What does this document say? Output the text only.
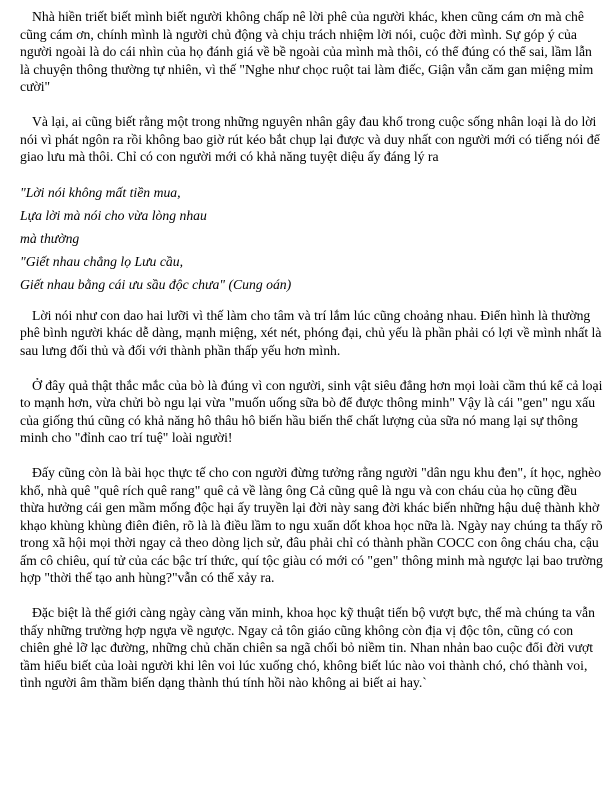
Nhà hiền triết biết mình biết người không chấp nê lời phê của người khác, khen cũng cám ơn mà chê cũng cám ơn, chính mình là người chủ động và chịu trách nhiệm lời nói, cuộc đời mình. Sự góp ý của người ngoài là do cái nhìn của họ đánh giá về bề ngoài của mình mà thôi, có thể đúng có thể sai, lầm lẫn là chuyện thông thường tự nhiên, vì thế "Nghe như chọc ruột tai làm điếc, Giận vẫn căm gan miệng mỉm cười"

Và lại, ai cũng biết rằng một trong những nguyên nhân gây đau khổ trong cuộc sống nhân loại là do lời nói vì phát ngôn ra rồi không bao giờ rút kéo bắt chụp lại được và duy nhất con người mới có tiếng nói để giao lưu mà thôi. Chỉ có con người mới có khả năng tuyệt diệu ấy đáng lý ra

"Lời nói không mất tiền mua,
Lựa lời mà nói cho vừa lòng nhau
mà thường
"Giết nhau chẳng lọ Lưu cầu,
Giết nhau bằng cái ưu sầu độc chưa" (Cung oán)

Lời nói như con dao hai lưỡi vì thế làm cho tâm và trí lắm lúc cũng choảng nhau. Điển hình là thường phê bình người khác dễ dàng, mạnh miệng, xét nét, phóng đại, chủ yếu là phần phải có lợi về mình nhất là sau lưng đối thủ và đối với thành phần thấp yếu hơn mình.

Ở đây quả thật thắc mắc của bò là đúng vì con người, sinh vật siêu đẳng hơn mọi loài cầm thú kể cả loại to mạnh hơn, vừa chửi bò ngu lại vừa "muốn uống sữa bò để được thông minh" Vậy là cái "gen" ngu xấu của giống thú cũng có khả năng hô thâu hô biến hầu biến thể chất lượng của sữa nó mang lại sự thông minh cho "đỉnh cao trí tuệ" loài người!

Đấy cũng còn là bài học thực tế cho con người đừng tưởng rằng người "dân ngu khu đen", ít học, nghèo khổ, nhà quê "quê rích quê rang" quê cả về làng ông Cả cũng quê là ngu và con cháu của họ cũng đều thừa hưởng cái gen mầm mống độc hại ấy truyền lại đời này sang đời khác biến những hậu duệ thành khờ khạo khùng khùng điên điên, rõ là là điều lầm to ngu xuẩn dốt khoa học nữa là. Ngày nay chúng ta thấy rõ trong xã hội mọi thời ngay cả theo dòng lịch sử, đâu phải chỉ có thành phần COCC con ông cháu cha, cậu ấm cô chiêu, quí tử của các bậc trí thức, quí tộc giàu có mới có "gen" thông minh mà ngược lại bao trường hợp "thời thế tạo anh hùng?"vẫn có thể xảy ra.

Đặc biệt là thế giới càng ngày càng văn minh, khoa học kỹ thuật tiến bộ vượt bực, thế mà chúng ta vẫn thấy những trường hợp ngựa về ngược. Ngay cả tôn giáo cũng không còn địa vị độc tôn, cũng có con chiên ghẻ lỡ lạc đường, những chủ chăn chiên sa ngã chối bỏ niềm tin. Nhan nhản bao cuộc đổi đời vượt tầm hiểu biết của loài người khi lên voi lúc xuống chó, không biết lúc nào voi thành chó, chó thành voi, tình người âm thầm biến dạng thành thú tính hồi nào không ai biết ai hay.`
